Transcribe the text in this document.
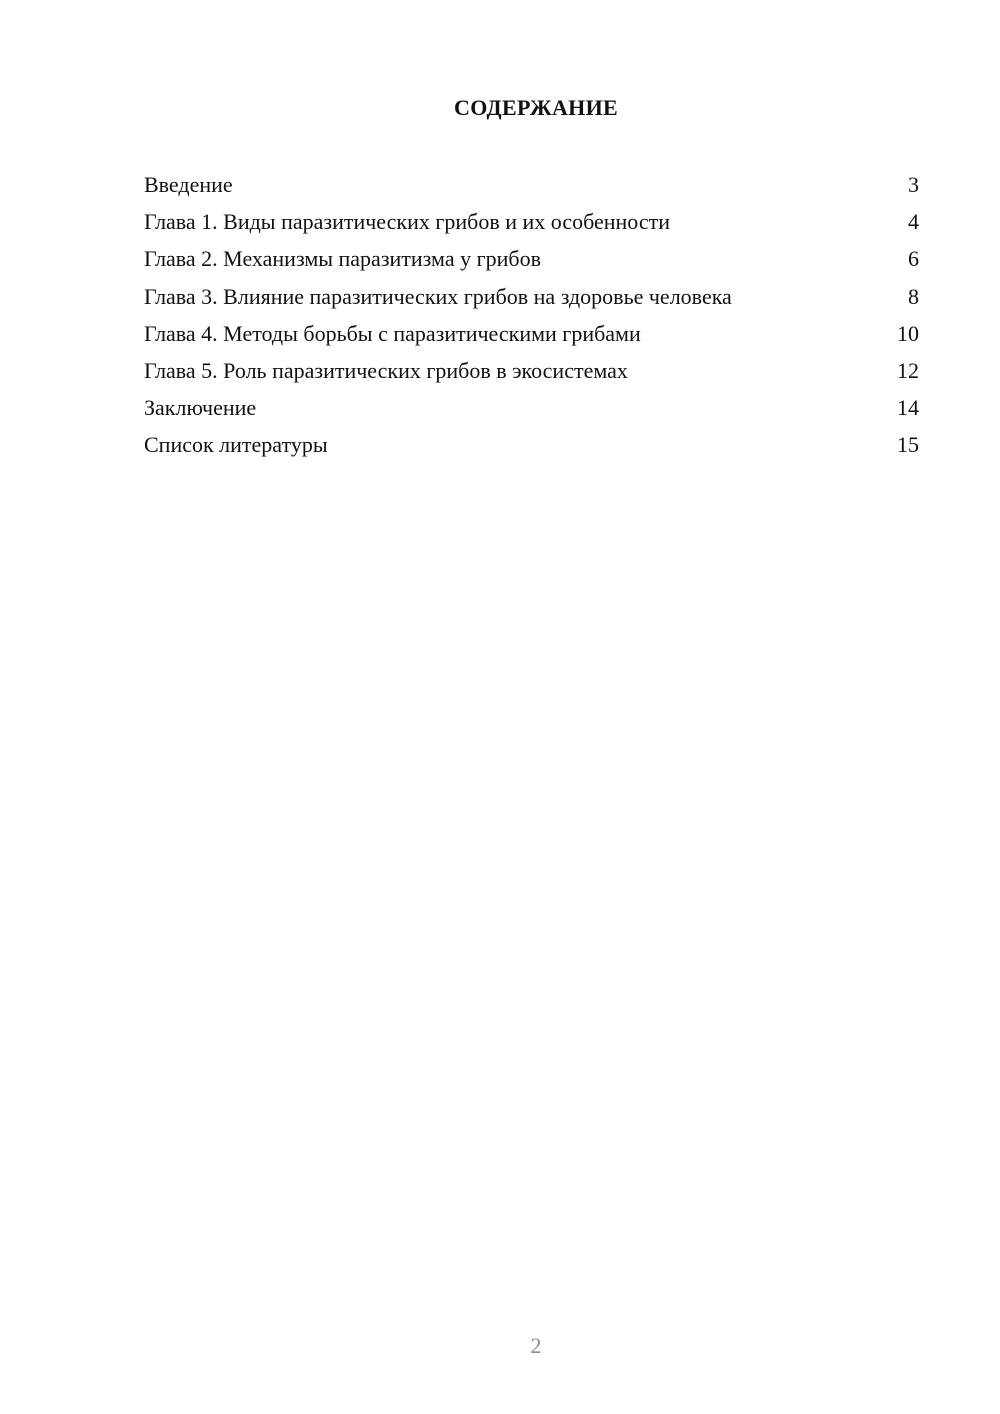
СОДЕРЖАНИЕ
Введение	3
Глава 1. Виды паразитических грибов и их особенности	4
Глава 2. Механизмы паразитизма у грибов	6
Глава 3. Влияние паразитических грибов на здоровье человека	8
Глава 4. Методы борьбы с паразитическими грибами	10
Глава 5. Роль паразитических грибов в экосистемах	12
Заключение	14
Список литературы	15
2
